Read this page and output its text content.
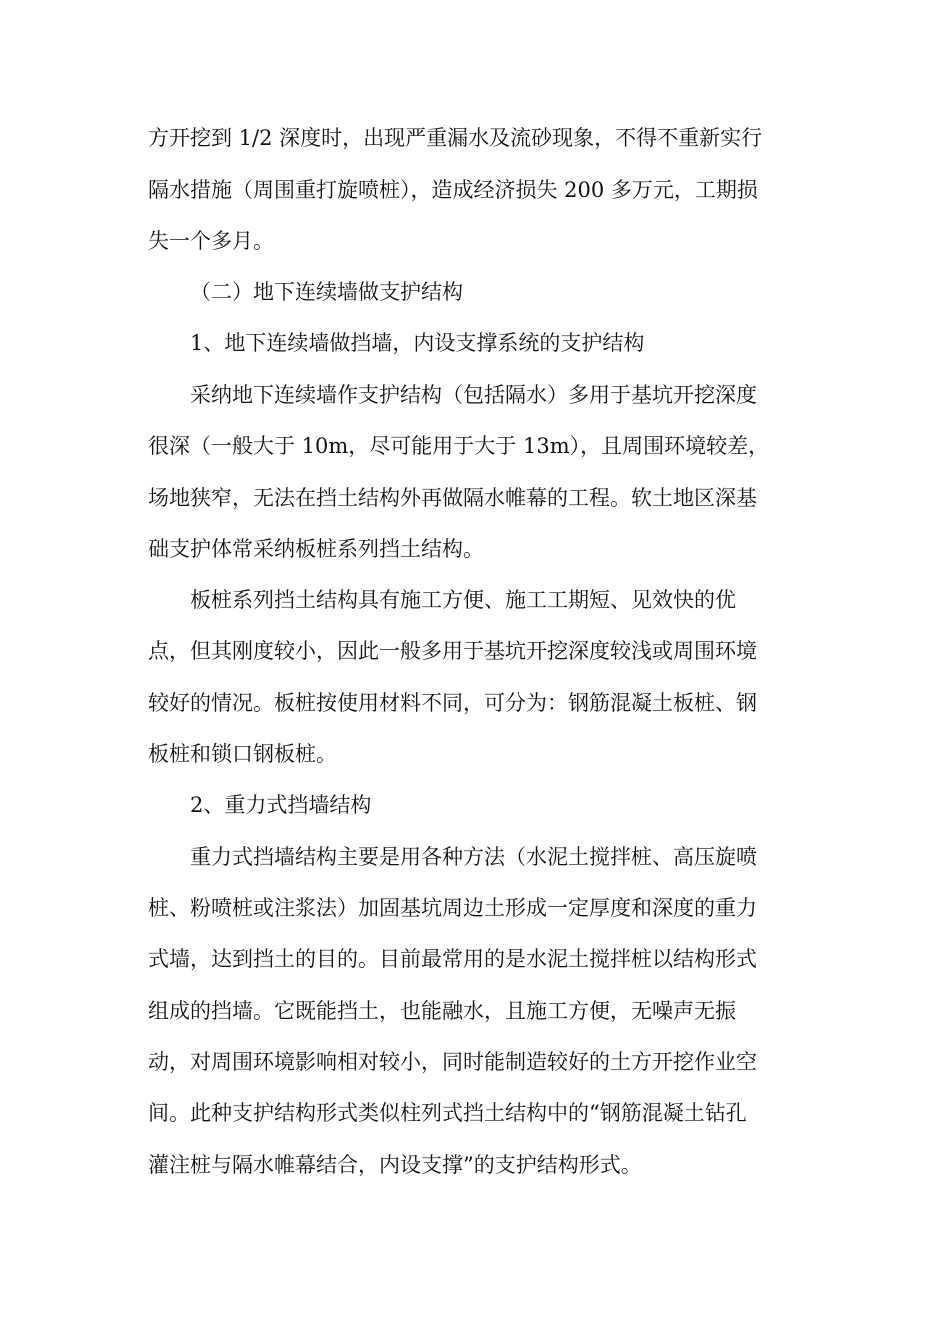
方开挖到 1/2 深度时，出现严重漏水及流砂现象，不得不重新实行
隔水措施（周围重打旋喷桩），造成经济损失 200 多万元，工期损
失一个多月。
（二）地下连续墙做支护结构
1、地下连续墙做挡墙，内设支撑系统的支护结构
采纳地下连续墙作支护结构（包括隔水）多用于基坑开挖深度
很深（一般大于 10m，尽可能用于大于 13m），且周围环境较差，
场地狭窄，无法在挡土结构外再做隔水帷幕的工程。软土地区深基
础支护体常采纳板桩系列挡土结构。
板桩系列挡土结构具有施工方便、施工工期短、见效快的优
点，但其刚度较小，因此一般多用于基坑开挖深度较浅或周围环境
较好的情况。板桩按使用材料不同，可分为：钢筋混凝土板桩、钢
板桩和锁口钢板桩。
2、重力式挡墙结构
重力式挡墙结构主要是用各种方法（水泥土搅拌桩、高压旋喷
桩、粉喷桩或注浆法）加固基坑周边土形成一定厚度和深度的重力
式墙，达到挡土的目的。目前最常用的是水泥土搅拌桩以结构形式
组成的挡墙。它既能挡土，也能融水，且施工方便，无噪声无振
动，对周围环境影响相对较小，同时能制造较好的土方开挖作业空
间。此种支护结构形式类似柱列式挡土结构中的“钢筋混凝土钻孔
灌注桩与隔水帷幕结合，内设支撑”的支护结构形式。
